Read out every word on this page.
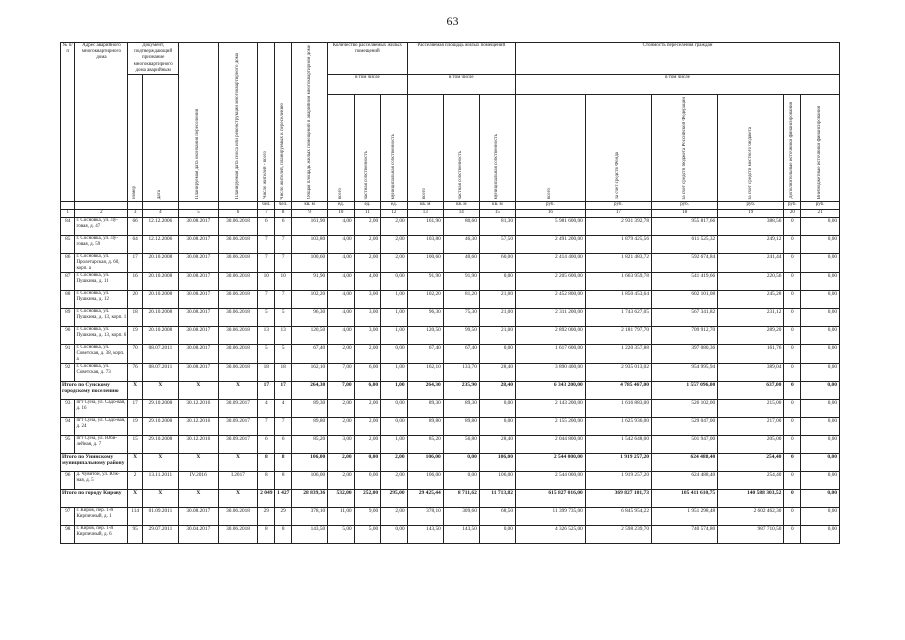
63
№ п/п	Адрес аварийного многоквартирного дома	Документ, подтверждающий признание многоквартирного дома аварийным		Планируемая дата окончания переселения	Планируемая дата сноса или реконструкции многоквартирного дома	Число жителей - всего	Число жителей, планируемых к переселению	Общая площадь жилых помещений в аварийном многоквартирном доме	Количество расселяемых жилых помещений			Расселяемая площадь жилых помещений			Стоимость переселения граждан					

		номер	дата						в том числе			в том числе			в том числе					

									всего	частная собственность	муниципальная собственность	всего	частная собственность	муниципальная собственность	всего	за счет средств Фонда	за счет средств бюджета Российской Федерации	за счет средств местного бюджета	Дополнительные источники финансирования	Внебюджетные источники финансирования

						чел.	чел.	кв. м	ед.	ед.	ед.	кв. м	кв. м	кв. м	руб.	руб.	руб.	руб.	руб.	руб.
1	2	3	4	5	6	7	8	9	10	11	12	13	14	15	16	17	18	19	20	21
84	г. Сосновка, ул. Лу-говая, д. 47	66	12.12.2006	30.08.2017	30.06.2018	6	6	161,90	4,00	2,00	2,00	161,90	80,60	81,30	5 981 600,00	2 931 392,78	955 817,66	388,56	0	0,00
85	г. Сосновка, ул. Лу-говая, д. 59	64	12.12.2006	30.08.2017	30.06.2018	7	7	103,80	4,00	2,00	2,00	103,80	46,30	57,50	2 491 200,00	1 879 425,56	611 525,32	249,12	0	0,00
86	г. Сосновка, ул. Пролетарская, д. 60, корп. а	17	20.10.2008	30.08.2017	30.06.2018	7	7	100,60	4,00	2,00	2,00	100,60	40,60	60,00	2 414 400,00	1 821 483,72	592 674,84	241,44	0	0,00
87	г. Сосновка, ул. Пушкина, д. 11	16	20.10.2008	30.08.2017	30.06.2018	10	10	91,90	4,00	4,00	0,00	91,90	91,90	0,00	2 205 600,00	1 663 959,78	541 419,66	220,56	0	0,00
88	г. Сосновка, ул. Пушкина, д. 12	20	20.10.2008	30.08.2017	30.06.2018	7	7	102,20	4,00	3,00	1,00	102,20	81,20	21,00	2 452 800,00	1 850 453,64	602 101,08	245,28	0	0,00
89	г. Сосновка, ул. Пушкина, д. 13, корп. 1	18	20.10.2008	30.08.2017	30.06.2018	5	5	96,30	4,00	3,00	1,00	96,30	75,30	21,00	2 311 200,00	1 743 627,05	567 341,82	231,12	0	0,00
90	г. Сосновка, ул. Пушкина, д. 13, корп. 6	19	20.10.2008	30.08.2017	30.06.2018	13	13	120,50	4,00	3,00	1,00	120,50	99,50	21,00	2 892 000,00	2 181 797,70	709 912,70	289,20	0	0,00
91	г. Сосновка, ул. Советская, д. 38, корп. а	70	08.07.2011	30.08.2017	30.06.2018	5	5	67,40	2,00	2,00	0,00	67,40	67,40	0,00	1 617 600,00	1 220 357,88	397 080,36	161,76	0	0,00
92	г. Сосновка, ул. Советская, д. 73	76	08.07.2011	30.08.2017	30.06.2018	18	18	162,10	7,00	6,00	1,00	162,10	133,70	28,40	3 890 400,00	2 935 013,02	954 995,94	389,04	0	0,00
Итого по Сунскому городскому поселению		X	X	X	X	17	17	264,30	7,00	6,00	1,00	264,30	235,90	28,40	6 343 200,00	4 785 467,00	1 557 096,00	637,00	0	0,00
93	пгт Суна, ул. Садо-вая, д. 16	17	29.10.2008	30.12.2016	30.09.2017	4	4	89,30	2,00	2,00	0,00	89,30	89,30	0,00	2 143 200,00	1 616 883,00	526 102,00	215,00	0	0,00
94	пгт Суна, ул. Садо-вая, д. 24	19	29.10.2008	30.12.2016	30.09.2017	7	7	89,80	2,00	2,00	0,00	89,80	89,80	0,00	2 155 200,00	1 625 936,00	529 047,00	217,00	0	0,00
95	пгт Суна, ул. Юби-лейная, д. 7	15	29.10.2008	30.12.2016	30.09.2017	6	6	85,20	3,00	2,00	1,00	85,20	56,80	28,40	2 044 800,00	1 542 648,00	501 947,00	205,00	0	0,00
Итого по Унинскому муниципальному району		X	X	X	X	8	8	106,00	2,00	0,00	2,00	106,00	0,00	106,00	2 544 000,00	1 919 257,20	624 488,40	254,40	0	0,00
96	д. Чувитон, ул. Юж-ная, д. 5	2	13.11.2011	IV.2016	I.2017	8	8	106,00	2,00	0,00	2,00	106,00	0,00	106,00	2 544 000,00	1 919 257,20	624 488,40	254,40	0	0,00
Итого по городу Кирову		X	X	X	X	2 049	1 427	28 839,36	532,00	252,00	295,00	29 425,44	8 711,62	11 713,82	615 827 016,00	369 827 101,73	105 411 610,75	140 588 303,52	0	0,00
97	г. Киров, пер. 1-й Кирпичный, д. 1	114	01.09.2011	30.08.2017	30.06.2018	29	29	378,10	11,00	9,00	2,00	378,10	309,60	68,50	11 399 735,00	6 845 954,22	1 951 298,48	2 602 462,30	0	0,00
98	г. Киров, пер. 1-й Кирпичный, д. 6	95	29.07.2011	30.04.2017	30.06.2018	8	8	143,50	5,00	5,00	0,00	143,50	143,50	0,00	4 326 525,00	2 598 239,70	740 574,80	987 710,50	0	0,00
